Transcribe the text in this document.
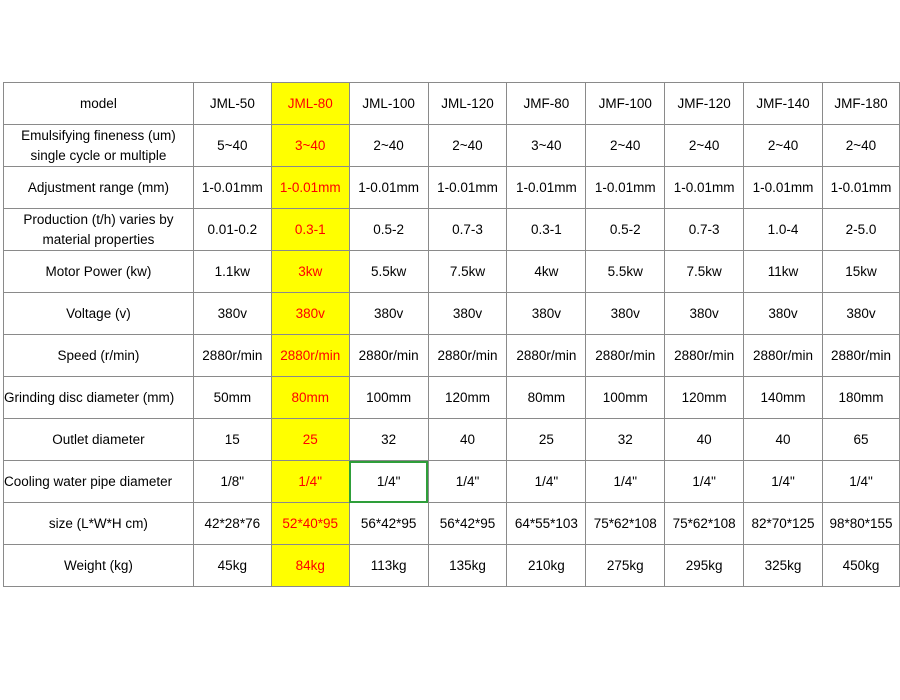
model	JML-50	JML-80	JML-100	JML-120	JMF-80	JMF-100	JMF-120	JMF-140	JMF-180
Emulsifying fineness (um) single cycle or multiple	5~40	3~40	2~40	2~40	3~40	2~40	2~40	2~40	2~40
Adjustment range (mm)	1-0.01mm	1-0.01mm	1-0.01mm	1-0.01mm	1-0.01mm	1-0.01mm	1-0.01mm	1-0.01mm	1-0.01mm
Production (t/h) varies by material properties	0.01-0.2	0.3-1	0.5-2	0.7-3	0.3-1	0.5-2	0.7-3	1.0-4	2-5.0
Motor Power (kw)	1.1kw	3kw	5.5kw	7.5kw	4kw	5.5kw	7.5kw	11kw	15kw
Voltage (v)	380v	380v	380v	380v	380v	380v	380v	380v	380v
Speed (r/min)	2880r/min	2880r/min	2880r/min	2880r/min	2880r/min	2880r/min	2880r/min	2880r/min	2880r/min
Grinding disc diameter (mm)	50mm	80mm	100mm	120mm	80mm	100mm	120mm	140mm	180mm
Outlet diameter	15	25	32	40	25	32	40	40	65
Cooling water pipe diameter	1/8"	1/4"	1/4"	1/4"	1/4"	1/4"	1/4"	1/4"	1/4"
size (L*W*H cm)	42*28*76	52*40*95	56*42*95	56*42*95	64*55*103	75*62*108	75*62*108	82*70*125	98*80*155
Weight (kg)	45kg	84kg	113kg	135kg	210kg	275kg	295kg	325kg	450kg
